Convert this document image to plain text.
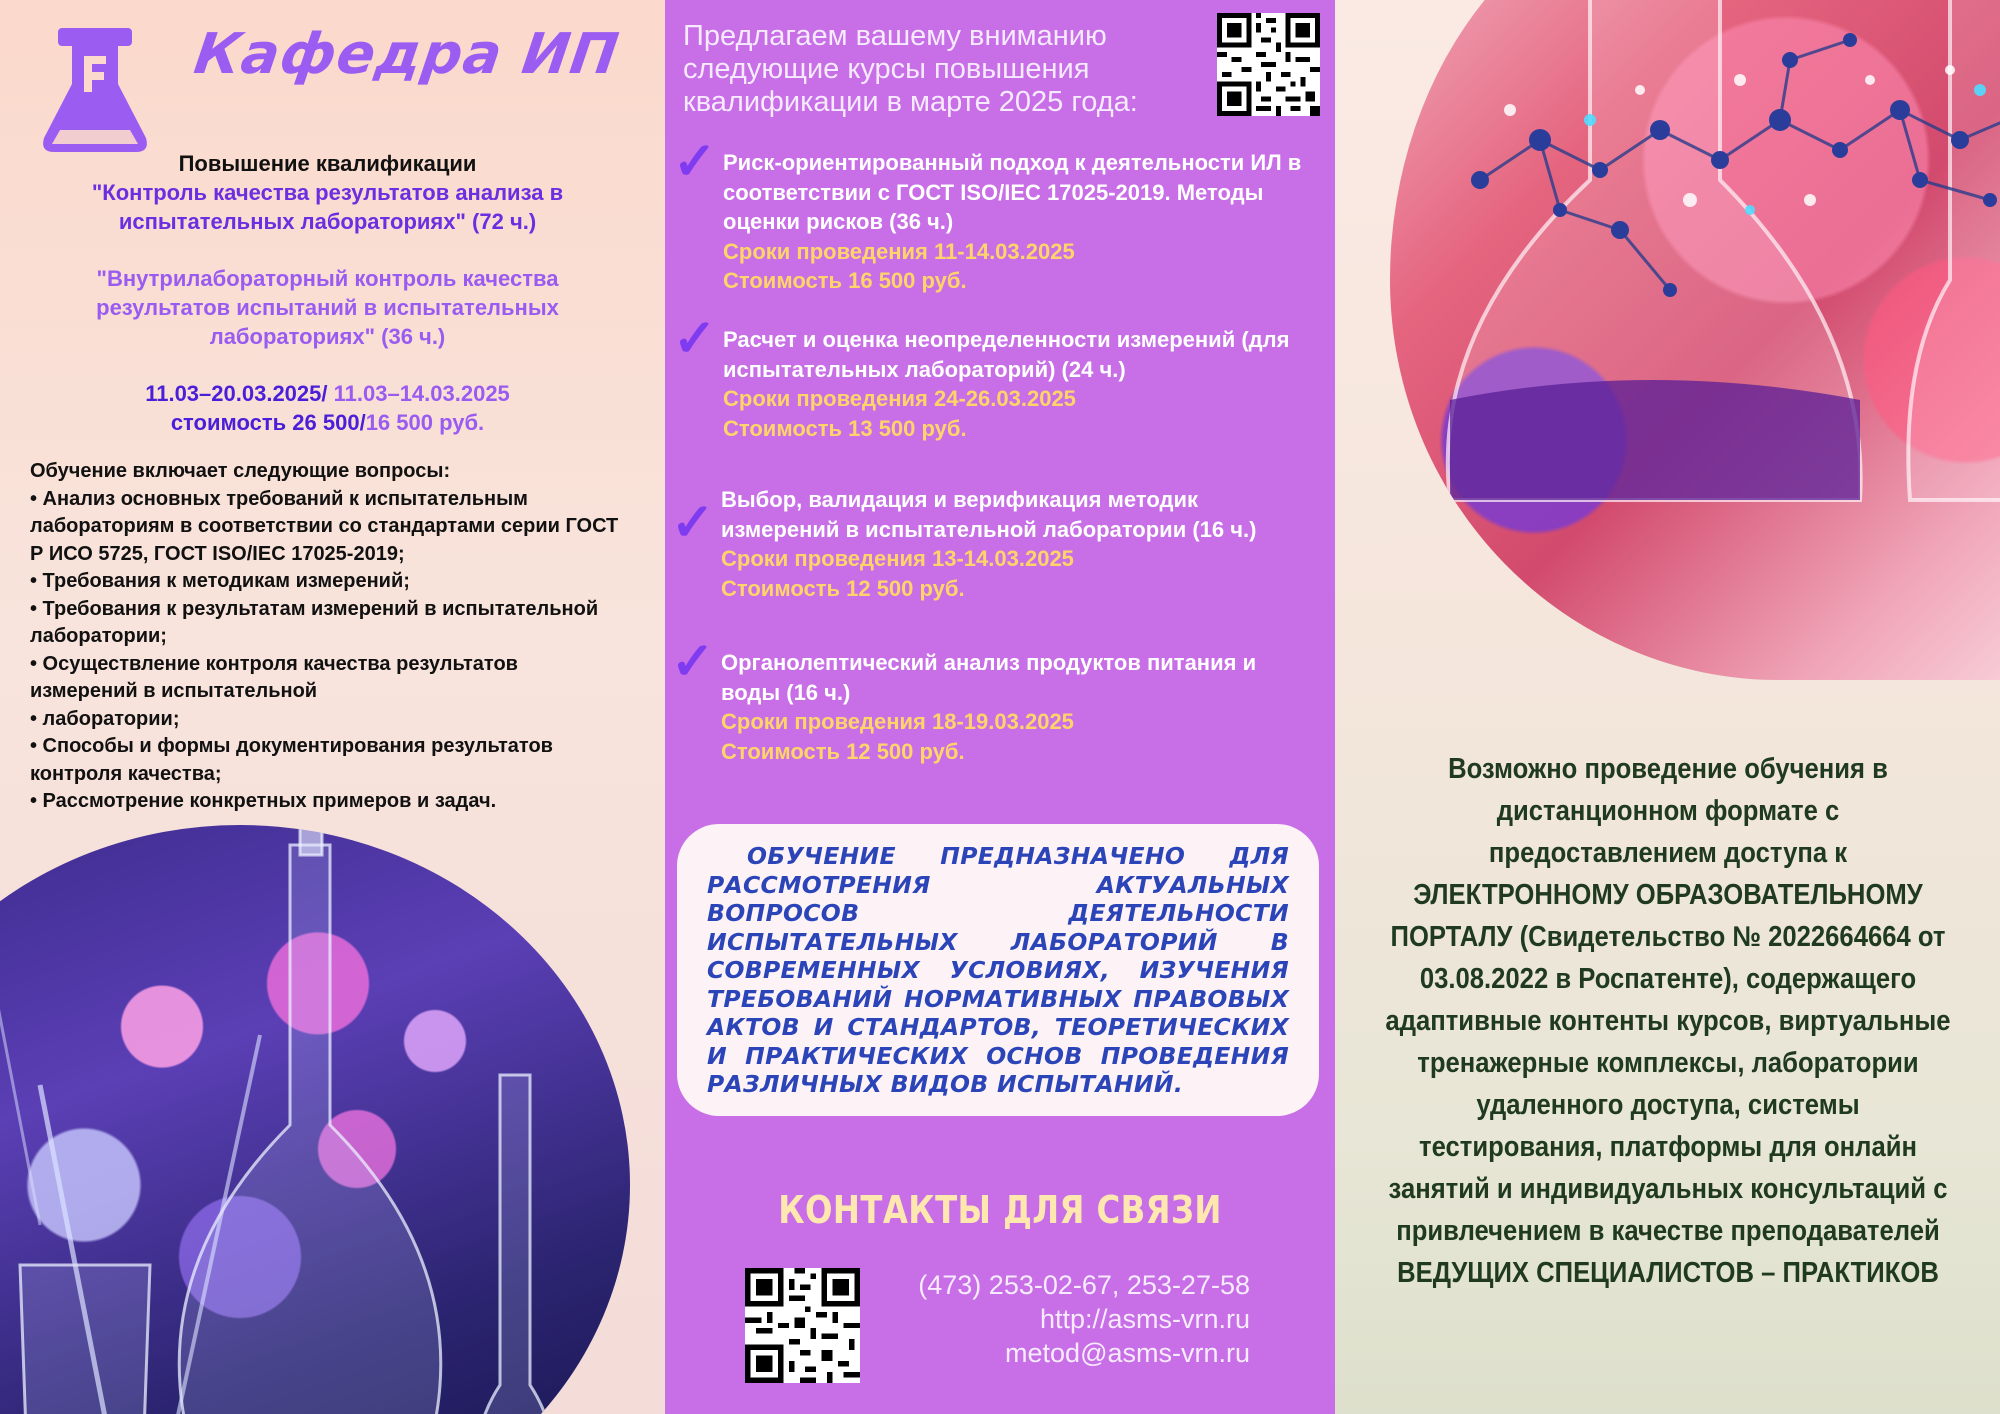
Кафедра ИП
Повышение квалификации
"Контроль качества результатов анализа в испытательных лабораториях" (72 ч.)
"Внутрилабораторный контроль качества результатов испытаний в испытательных лабораториях" (36 ч.)
11.03–20.03.2025/ 11.03–14.03.2025
стоимость 26 500/16 500 руб.
Обучение включает следующие вопросы:
• Анализ основных требований к испытательным лабораториям в соответствии со стандартами серии ГОСТ Р ИСО 5725, ГОСТ ISO/IEC 17025-2019;
• Требования к методикам измерений;
• Требования к результатам измерений в испытательной лаборатории;
• Осуществление контроля качества результатов измерений в испытательной
• лаборатории;
• Способы и формы документирования результатов контроля качества;
• Рассмотрение конкретных примеров и задач.
Предлагаем вашему вниманию следующие курсы повышения квалификации в марте 2025 года:
✓ Риск-ориентированный подход к деятельности ИЛ в соответствии с ГОСТ ISO/IEC 17025-2019. Методы оценки рисков (36 ч.)
Сроки проведения 11-14.03.2025
Стоимость 16 500 руб.
✓ Расчет и оценка неопределенности измерений (для испытательных лабораторий) (24 ч.)
Сроки проведения 24-26.03.2025
Стоимость 13 500 руб.
✓ Выбор, валидация и верификация методик измерений в испытательной лаборатории (16 ч.)
Сроки проведения 13-14.03.2025
Стоимость 12 500 руб.
✓ Органолептический анализ продуктов питания и воды (16 ч.)
Сроки проведения 18-19.03.2025
Стоимость 12 500 руб.
ОБУЧЕНИЕ ПРЕДНАЗНАЧЕНО ДЛЯ РАССМОТРЕНИЯ АКТУАЛЬНЫХ ВОПРОСОВ ДЕЯТЕЛЬНОСТИ ИСПЫТАТЕЛЬНЫХ ЛАБОРАТОРИЙ В СОВРЕМЕННЫХ УСЛОВИЯХ, ИЗУЧЕНИЯ ТРЕБОВАНИЙ НОРМАТИВНЫХ ПРАВОВЫХ АКТОВ И СТАНДАРТОВ, ТЕОРЕТИЧЕСКИХ И ПРАКТИЧЕСКИХ ОСНОВ ПРОВЕДЕНИЯ РАЗЛИЧНЫХ ВИДОВ ИСПЫТАНИЙ.
КОНТАКТЫ ДЛЯ СВЯЗИ
(473) 253-02-67, 253-27-58
http://asms-vrn.ru
metod@asms-vrn.ru
Возможно проведение обучения в дистанционном формате с предоставлением доступа к ЭЛЕКТРОННОМУ ОБРАЗОВАТЕЛЬНОМУ ПОРТАЛУ (Свидетельство № 2022664664 от 03.08.2022 в Роспатенте), содержащего адаптивные контенты курсов, виртуальные тренажерные комплексы, лаборатории удаленного доступа, системы тестирования, платформы для онлайн занятий и индивидуальных консультаций с привлечением в качестве преподавателей ВЕДУЩИХ СПЕЦИАЛИСТОВ – ПРАКТИКОВ
